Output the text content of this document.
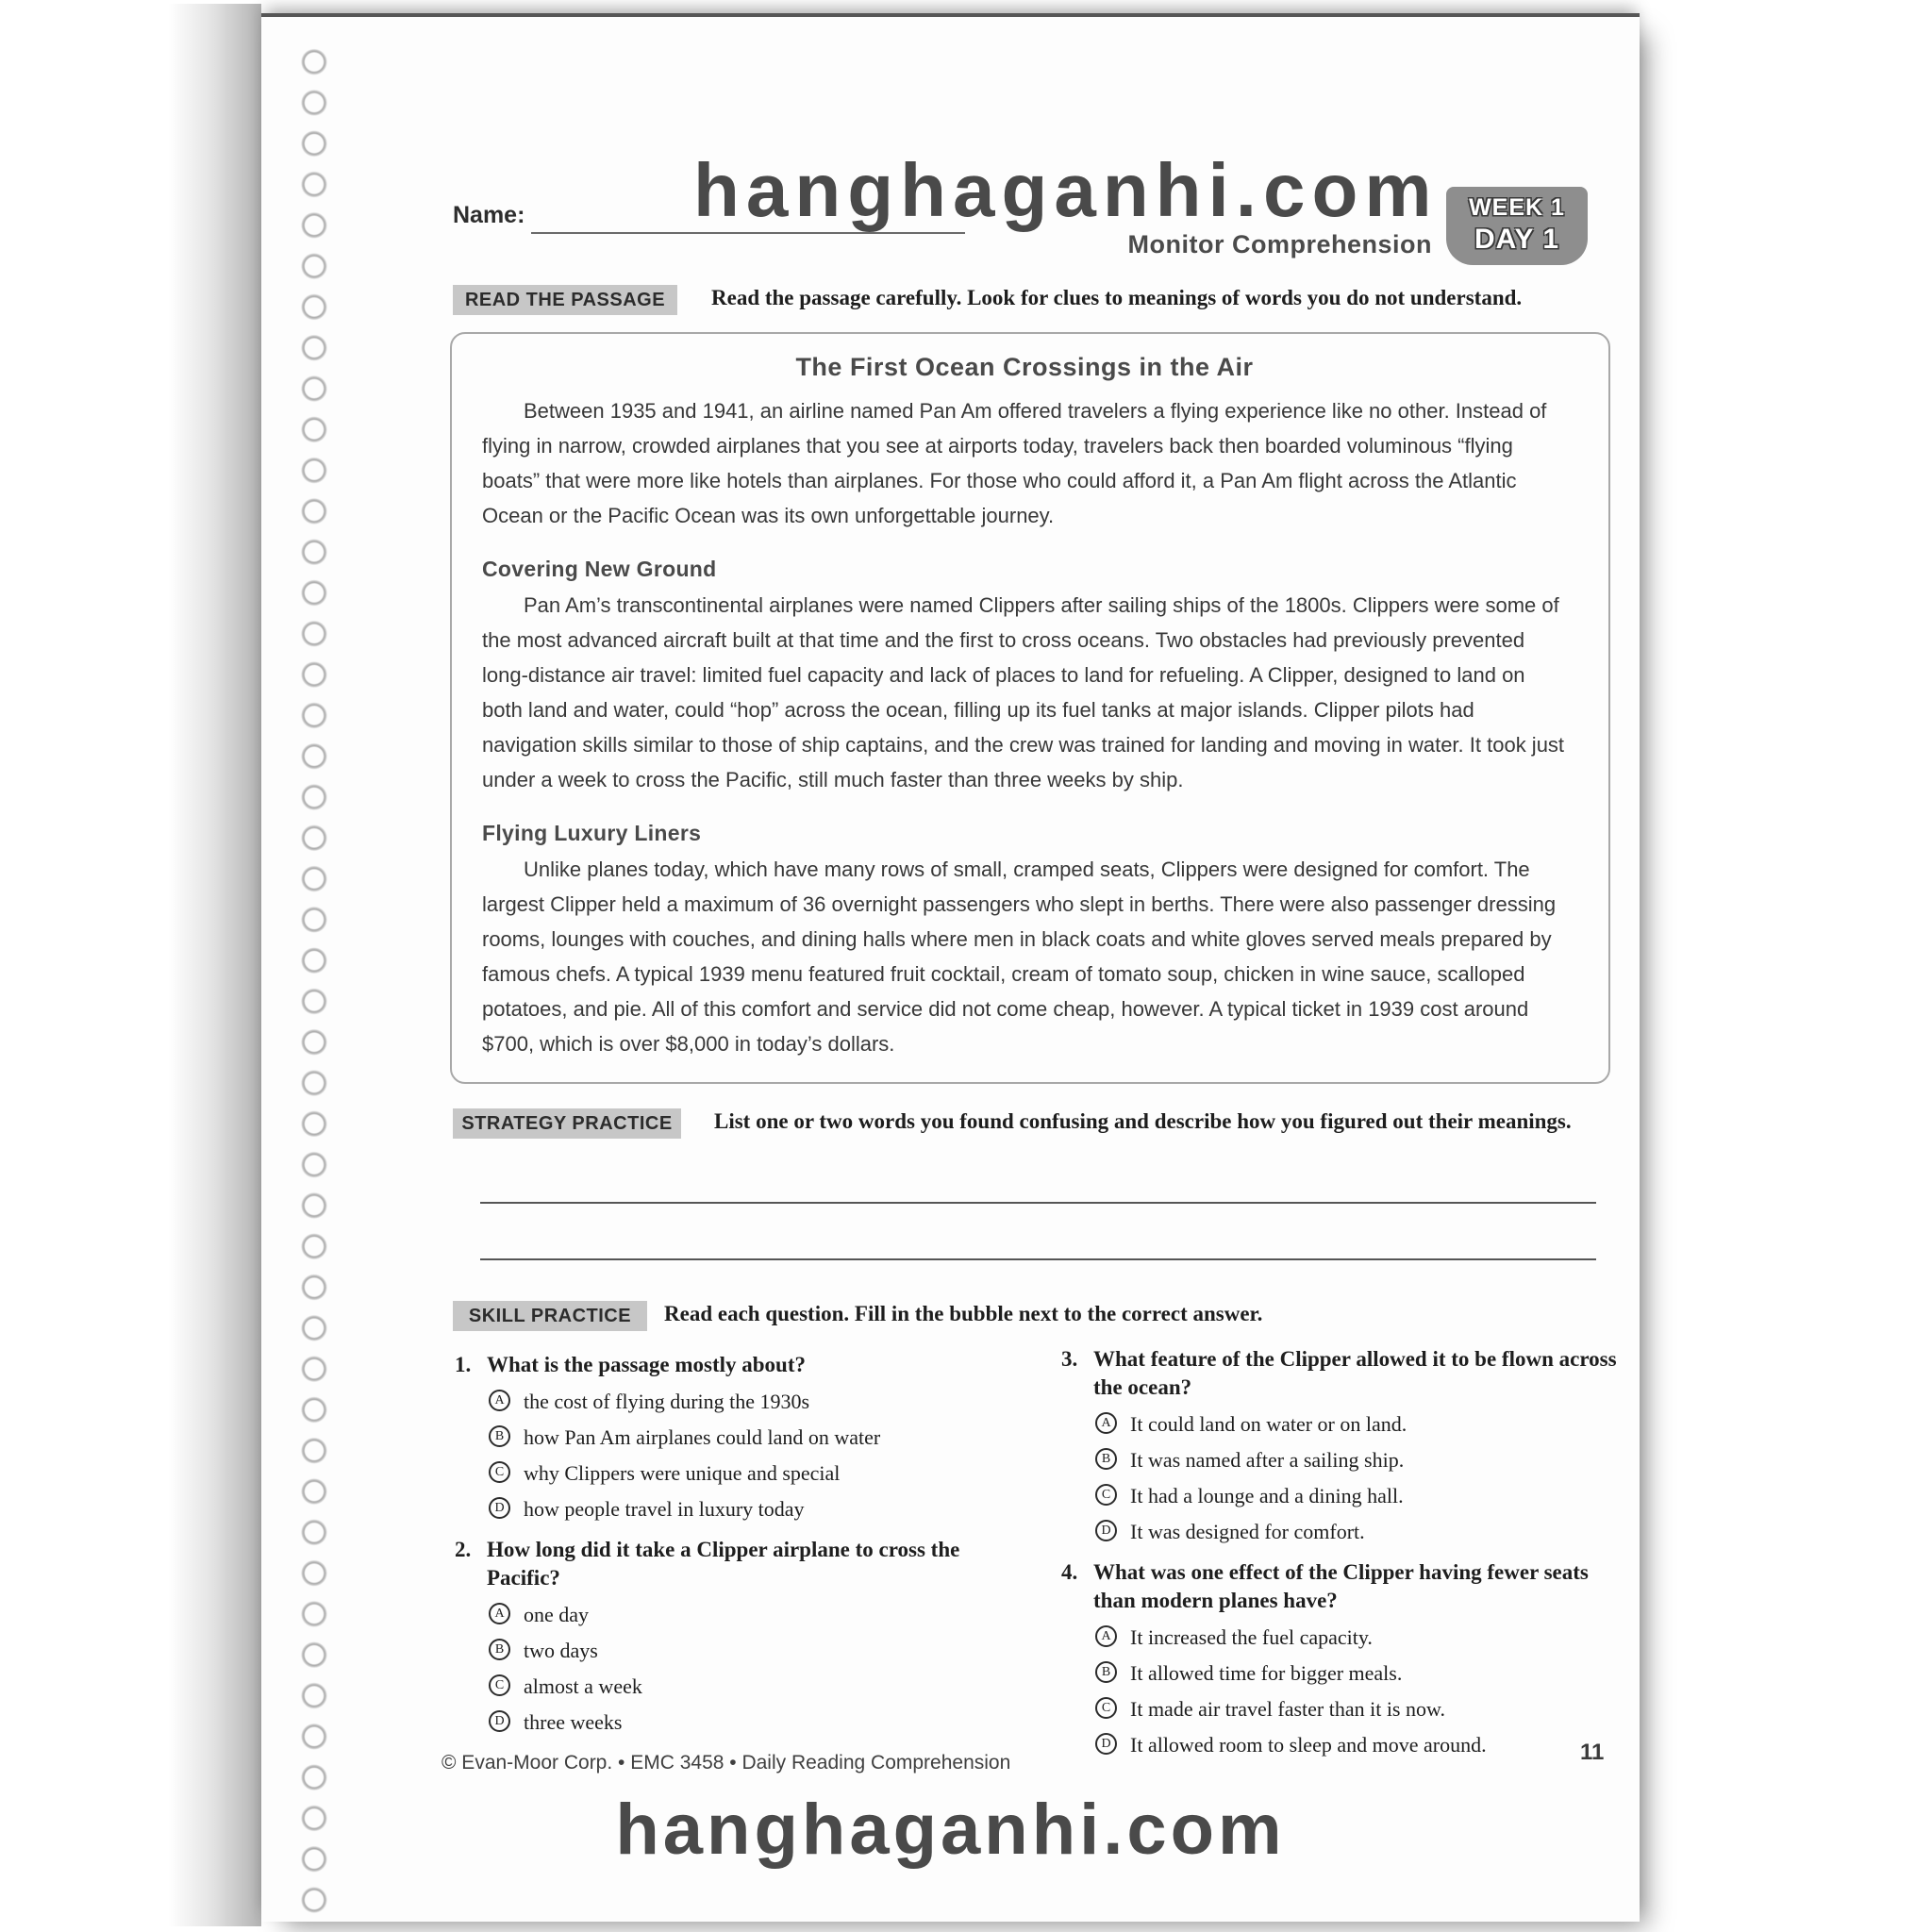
hanghaganhi.com
Name:
Monitor Comprehension
WEEK 1
DAY 1
READ THE PASSAGE	Read the passage carefully. Look for clues to meanings of words you do not understand.
The First Ocean Crossings in the Air

Between 1935 and 1941, an airline named Pan Am offered travelers a flying experience like no other. Instead of flying in narrow, crowded airplanes that you see at airports today, travelers back then boarded voluminous “flying boats” that were more like hotels than airplanes. For those who could afford it, a Pan Am flight across the Atlantic Ocean or the Pacific Ocean was its own unforgettable journey.

Covering New Ground

Pan Am’s transcontinental airplanes were named Clippers after sailing ships of the 1800s. Clippers were some of the most advanced aircraft built at that time and the first to cross oceans. Two obstacles had previously prevented long-distance air travel: limited fuel capacity and lack of places to land for refueling. A Clipper, designed to land on both land and water, could “hop” across the ocean, filling up its fuel tanks at major islands. Clipper pilots had navigation skills similar to those of ship captains, and the crew was trained for landing and moving in water. It took just under a week to cross the Pacific, still much faster than three weeks by ship.

Flying Luxury Liners

Unlike planes today, which have many rows of small, cramped seats, Clippers were designed for comfort. The largest Clipper held a maximum of 36 overnight passengers who slept in berths. There were also passenger dressing rooms, lounges with couches, and dining halls where men in black coats and white gloves served meals prepared by famous chefs. A typical 1939 menu featured fruit cocktail, cream of tomato soup, chicken in wine sauce, scalloped potatoes, and pie. All of this comfort and service did not come cheap, however. A typical ticket in 1939 cost around $700, which is over $8,000 in today’s dollars.

STRATEGY PRACTICE	List one or two words you found confusing and describe how you figured out their meanings.
SKILL PRACTICE	Read each question. Fill in the bubble next to the correct answer.
1. What is the passage mostly about?
A the cost of flying during the 1930s
B how Pan Am airplanes could land on water
C why Clippers were unique and special
D how people travel in luxury today
2. How long did it take a Clipper airplane to cross the Pacific?
A one day
B two days
C almost a week
D three weeks
3. What feature of the Clipper allowed it to be flown across the ocean?
A It could land on water or on land.
B It was named after a sailing ship.
C It had a lounge and a dining hall.
D It was designed for comfort.
4. What was one effect of the Clipper having fewer seats than modern planes have?
A It increased the fuel capacity.
B It allowed time for bigger meals.
C It made air travel faster than it is now.
D It allowed room to sleep and move around.
© Evan-Moor Corp. • EMC 3458 • Daily Reading Comprehension	11
hanghaganhi.com
